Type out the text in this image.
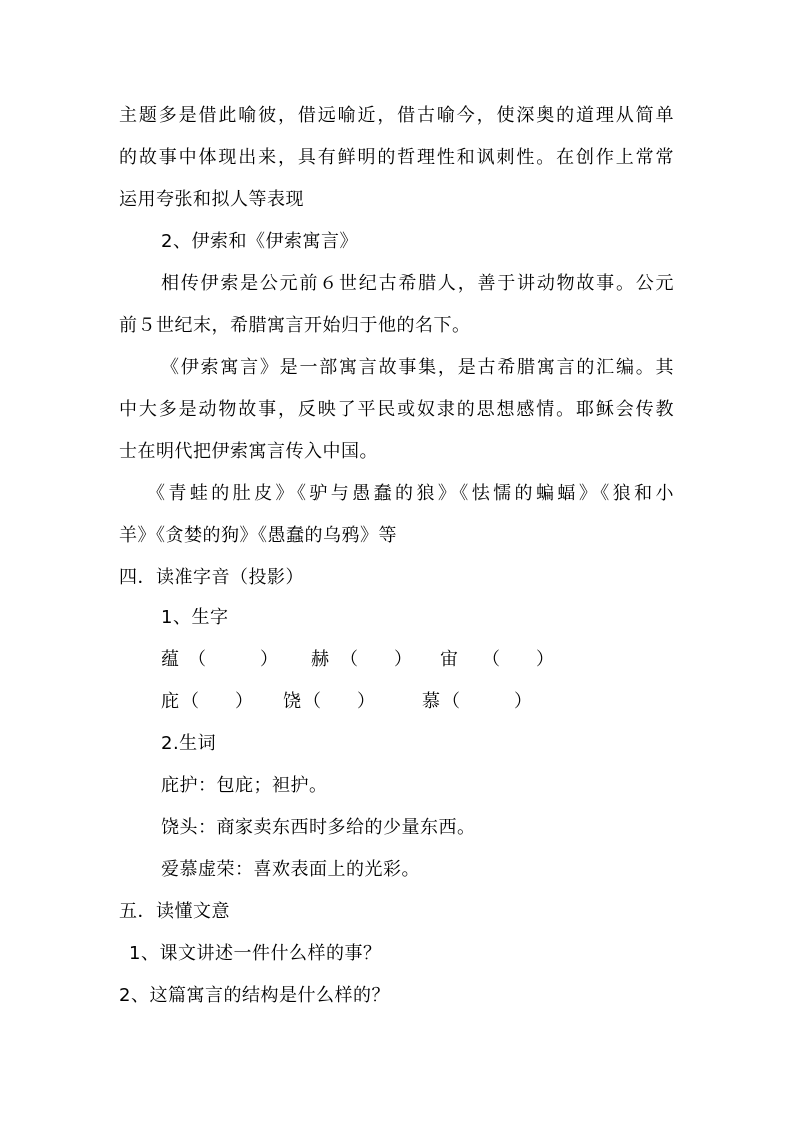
主题多是借此喻彼，借远喻近，借古喻今，使深奥的道理从简单
的故事中体现出来，具有鲜明的哲理性和讽刺性。在创作上常常
运用夸张和拟人等表现
2、伊索和《伊索寓言》
相传伊索是公元前６世纪古希腊人，善于讲动物故事。公元
前５世纪末，希腊寓言开始归于他的名下。
《伊索寓言》是一部寓言故事集，是古希腊寓言的汇编。其
中大多是动物故事，反映了平民或奴隶的思想感情。耶稣会传教
士在明代把伊索寓言传入中国。
《青蛙的肚皮》《驴与愚蠢的狼》《怯懦的蝙蝠》《狼和小
羊》《贪婪的狗》《愚蠢的乌鸦》等
四．读准字音（投影）
1、生字
蕴 （　　　） 赫 （　　） 宙 （　　）
庇 （　　） 饶 （　　）	慕 （　　　）
2.生词
庇护：包庇；袒护。
饶头：商家卖东西时多给的少量东西。
爱慕虚荣：喜欢表面上的光彩。
五．读懂文意
1、课文讲述一件什么样的事？
2、这篇寓言的结构是什么样的？
